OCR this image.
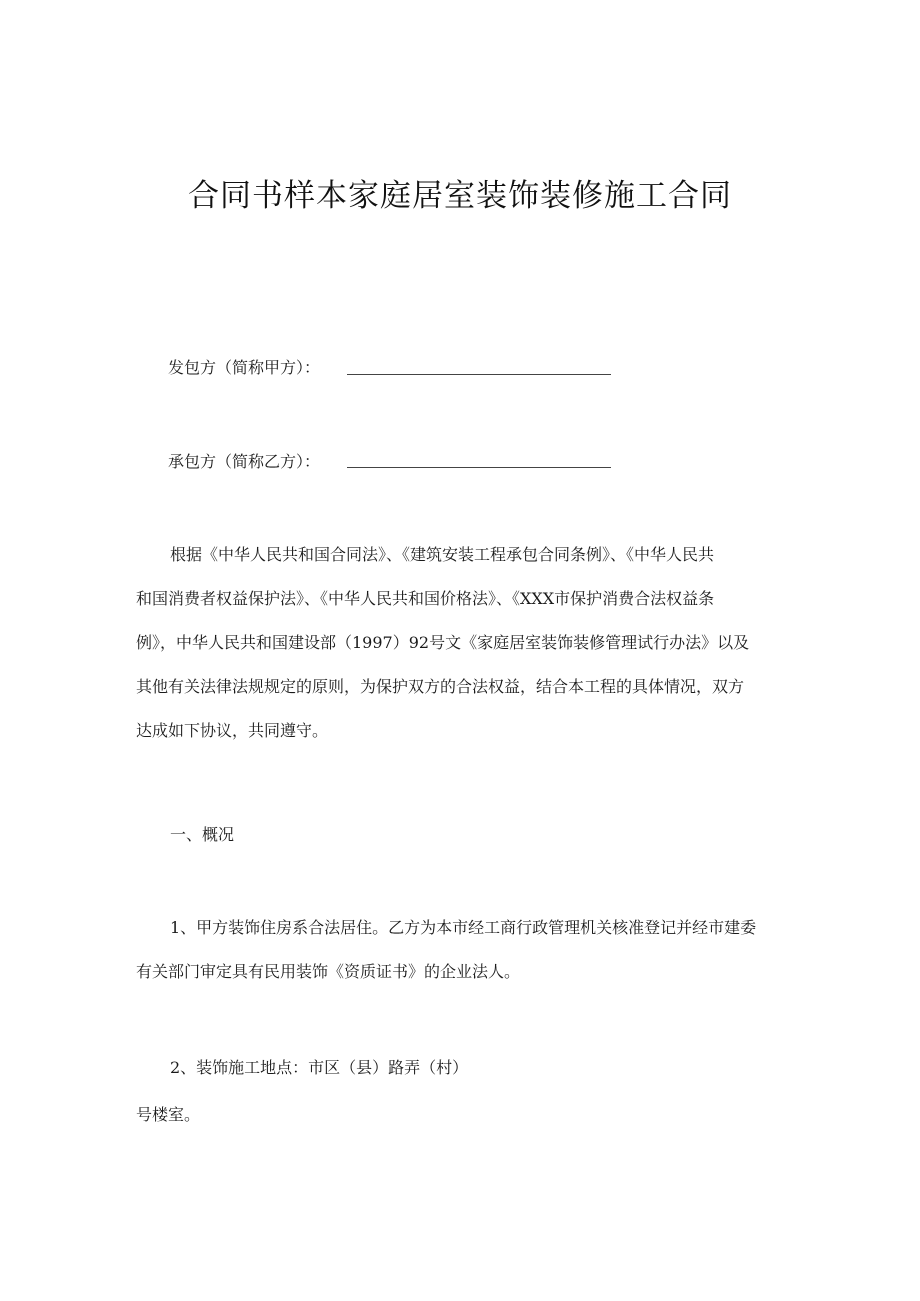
合同书样本家庭居室装饰装修施工合同
发包方（简称甲方）：
承包方（简称乙方）：
根据《中华人民共和国合同法》、《建筑安装工程承包合同条例》、《中华人民共
和国消费者权益保护法》、《中华人民共和国价格法》、《XXX市保护消费合法权益条
例》，中华人民共和国建设部（1997）92号文《家庭居室装饰装修管理试行办法》以及
其他有关法律法规规定的原则，为保护双方的合法权益，结合本工程的具体情况，双方
达成如下协议，共同遵守。
一、概况
1、甲方装饰住房系合法居住。乙方为本市经工商行政管理机关核准登记并经市建委
有关部门审定具有民用装饰《资质证书》的企业法人。
2、装饰施工地点：市区（县）路弄（村）
号楼室。
